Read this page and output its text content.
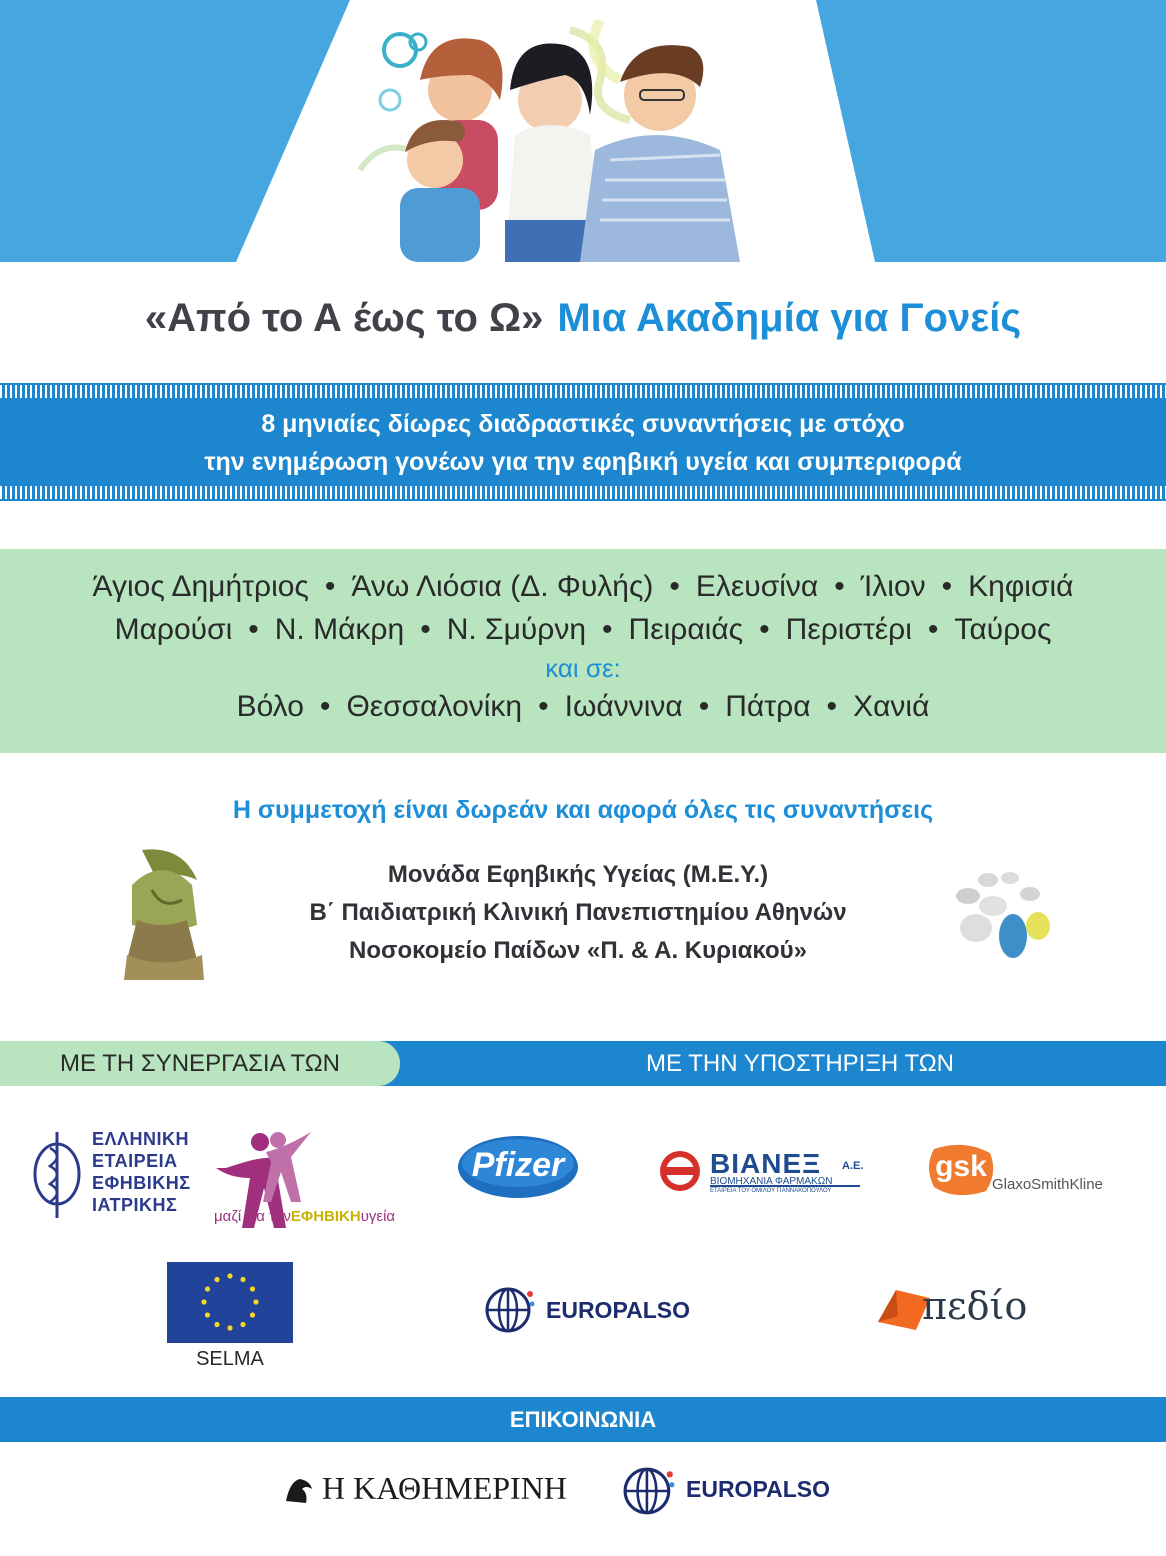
«Από το Α έως το Ω» Μια Ακαδημία για Γονείς
8 μηνιαίες δίωρες διαδραστικές συναντήσεις με στόχο
την ενημέρωση γονέων για την εφηβική υγεία και συμπεριφορά
Άγιος Δημήτριος • Άνω Λιόσια (Δ. Φυλής) • Ελευσίνα • Ίλιον • Κηφισιά
Μαρούσι • Ν. Μάκρη • Ν. Σμύρνη • Πειραιάς • Περιστέρι • Ταύρος
και σε:
Βόλο • Θεσσαλονίκη • Ιωάννινα • Πάτρα • Χανιά
Η συμμετοχή είναι δωρεάν και αφορά όλες τις συναντήσεις
Μονάδα Εφηβικής Υγείας (Μ.Ε.Υ.)
Β΄ Παιδιατρική Κλινική Πανεπιστημίου Αθηνών
Νοσοκομείο Παίδων «Π. & Α. Κυριακού»
ΜΕ ΤΗ ΣΥΝΕΡΓΑΣΙΑ ΤΩΝ	ΜΕ ΤΗΝ ΥΠΟΣΤΗΡΙΞΗ ΤΩΝ
ΕΛΛΗΝΙΚΗ
ΕΤΑΙΡΕΙΑ
ΕΦΗΒΙΚΗΣ
ΙΑΤΡΙΚΗΣ
μαζί για τηνΕΦΗΒΙΚΗυγεία
Pfizer	ΒΙΑΝΕΞ Α.Ε.
ΒΙΟΜΗΧΑΝΙΑ ΦΑΡΜΑΚΩΝ
ΕΤΑΙΡΕΙΑ ΤΟΥ ΟΜΙΛΟΥ ΓΙΑΝΝΑΚΟΠΟΥΛΟΥ
gsk
GlaxoSmithKline
SELMA
EUROPALSO	πεδίο
ΕΠΙΚΟΙΝΩΝΙΑ
Η ΚΑΘΗΜΕΡΙΝΗ	EUROPALSO
